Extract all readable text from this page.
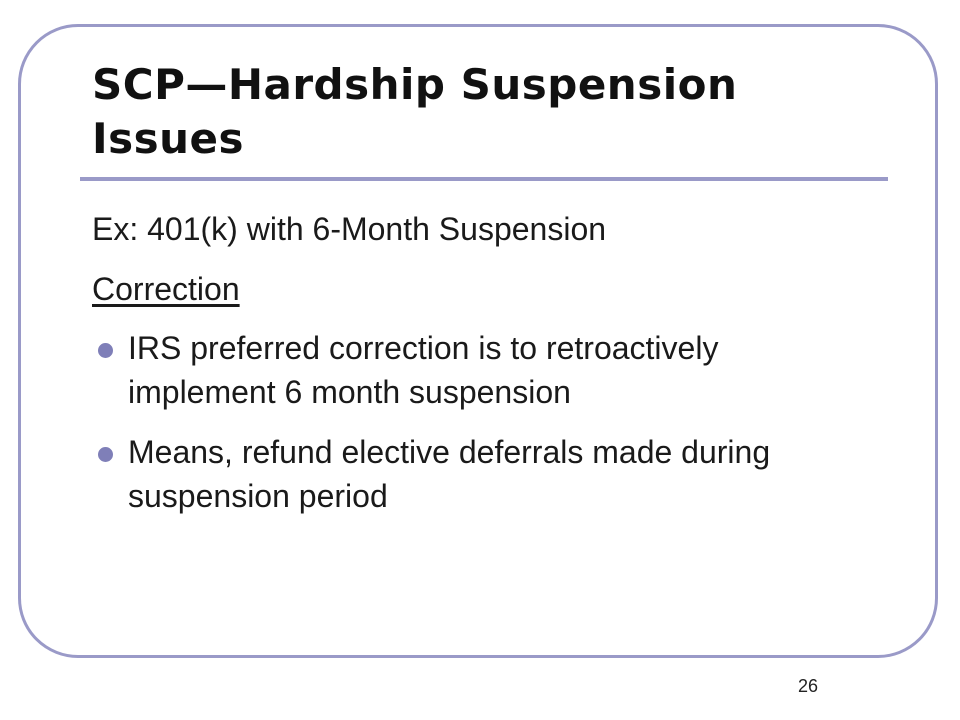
SCP—Hardship Suspension Issues

Ex: 401(k) with 6-Month Suspension

Correction

IRS preferred correction is to retroactively implement 6 month suspension
Means, refund elective deferrals made during suspension period
26
